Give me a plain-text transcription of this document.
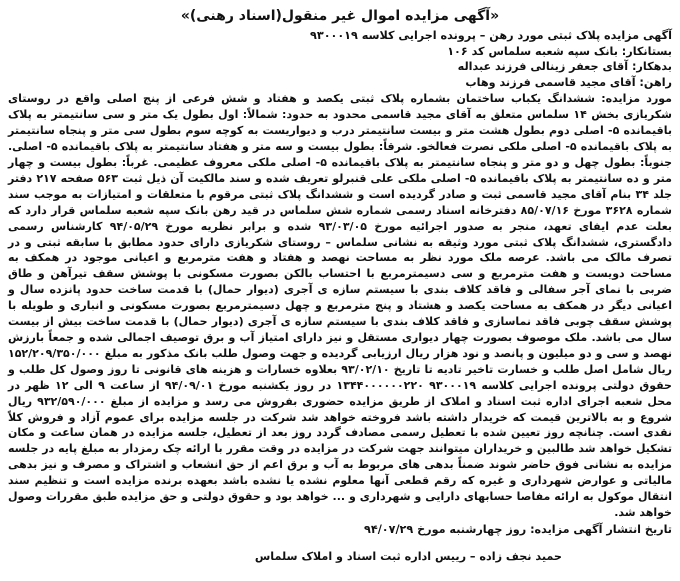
«آگهی مزایده اموال غیر منقول(اسناد رهنی)»
آگهی مزایده پلاک ثبتی مورد رهن – پرونده اجرایی کلاسه ۹۳۰۰۰۱۹
بستانکار: بانک سپه شعبه سلماس کد ۱۰۶
بدهکار: آقای جعفر زینالی فرزند عبداله
راهن: آقای مجید قاسمی فرزند وهاب
مورد مزایده: ششدانگ یکباب ساختمان بشماره پلاک ثبتی یکصد و هفتاد و شش فرعی از پنج اصلی واقع در روستای شکریازی بخش ۱۴ سلماس متعلق به آقای مجید قاسمی محدود به حدود: شمالاً: اول بطول یک متر و سی سانتیمتر به پلاک باقیمانده ۵- اصلی دوم بطول هشت متر و بیست سانتیمتر درب و دیواریست به کوچه سوم بطول سی متر و پنجاه سانتیمتر به پلاک باقیمانده ۵- اصلی ملکی نصرت فعالخو. شرقاً: بطول بیست و سه متر و هفتاد سانتیمتر به پلاک باقیمانده ۵- اصلی. جنوباً: بطول چهل و دو متر و پنجاه سانتیمتر به پلاک باقیمانده ۵- اصلی ملکی معروف عظیمی. غرباً: بطول بیست و چهار متر و ده سانتیمتر به پلاک باقیمانده ۵- اصلی ملکی علی قنبرلو تعریف شده و سند مالکیت آن ذیل ثبت ۵۶۳ صفحه ۲۱۷ دفتر جلد ۳۴ بنام آقای مجید قاسمی ثبت و صادر گردیده است و ششدانگ پلاک ثبتی مرقوم با متعلقات و امتیازات به موجب سند شماره ۳۶۲۸ مورخ ۸۵/۰۷/۱۶ دفترخانه اسناد رسمی شماره شش سلماس در قید رهن بانک سپه شعبه سلماس قرار دارد که بعلت عدم ایفای تعهد، منجر به صدور اجرائیه مورخ ۹۳/۰۳/۰۵ شده و برابر نظریه مورخ ۹۴/۰۵/۲۹ کارشناس رسمی دادگستری، ششدانگ پلاک ثبتی مورد وثیقه به نشانی سلماس – روستای شکریازی دارای حدود مطابق با سابقه ثبتی و در تصرف مالک می باشد. عرصه ملک مورد نظر به مساحت نهصد و هفتاد و هفت مترمربع و اعیانی موجود در همکف به مساحت دویست و هفت مترمربع و سی دسیمترمربع با احتساب بالکن بصورت مسکونی با پوشش سقف تیرآهن و طاق ضربی با نمای آجر سفالی و فاقد کلاف بندی با سیستم سازه ی آجری (دیوار حمال) با قدمت ساخت حدود پانزده سال و اعیانی دیگر در همکف به مساحت یکصد و هشتاد و پنج مترمربع و چهل دسیمترمربع بصورت مسکونی و انباری و طویله با پوشش سقف چوبی فاقد نماسازی و فاقد کلاف بندی با سیستم سازه ی آجری (دیوار حمال) با قدمت ساخت بیش از بیست سال می باشد. ملک موصوف بصورت چهار دیواری مستقل و نیز دارای امتیاز آب و برق توصیف اجمالی شده و جمعاً بارزش نهصد و سی و دو میلیون و پانصد و نود هزار ریال ارزیابی گردیده و جهت وصول طلب بانک مذکور به مبلغ ۱۵۲/۲۰۹/۳۵۰/۰۰۰ ریال شامل اصل طلب و خسارت تاخیر تادیه تا تاریخ ۹۳/۰۲/۱۰ بعلاوه خسارات و هزینه های قانونی تا روز وصول کل طلب و حقوق دولتی پرونده اجرایی کلاسه ۹۳۰۰۰۱۹ ۱۳۴۴۰۰۰۰۰۰۲۲۰ در روز یکشنبه مورخ ۹۴/۰۹/۰۱ از ساعت ۹ الی ۱۲ ظهر در محل شعبه اجرای اداره ثبت اسناد و املاک از طریق مزایده حضوری بفروش می رسد و مزایده از مبلغ ۹۳۲/۵۹۰/۰۰۰ ریال شروع و به بالاترین قیمت که خریدار داشته باشد فروخته خواهد شد شرکت در جلسه مزایده برای عموم آزاد و فروش کلاً نقدی است. چنانچه روز تعیین شده با تعطیل رسمی مصادف گردد روز بعد از تعطیل، جلسه مزایده در همان ساعت و مکان تشکیل خواهد شد طالبین و خریداران میتوانند جهت شرکت در مزایده در وقت مقرر با ارائه چک رمزدار به مبلغ پایه در جلسه مزایده به نشانی فوق حاضر شوند ضمناً بدهی های مربوط به آب و برق اعم از حق انشعاب و اشتراک و مصرف و نیز بدهی مالیاتی و عوارض شهرداری و غیره که رقم قطعی آنها معلوم نشده یا نشده باشد بعهده برنده مزایده است و تنظیم سند انتقال موکول به ارائه مفاصا حسابهای دارایی و شهرداری و ... خواهد بود و حقوق دولتی و حق مزایده طبق مقررات وصول خواهد شد.
تاریخ انتشار آگهی مزایده: روز چهارشنبه مورخ ۹۴/۰۷/۲۹
حمید نجف زاده – رییس اداره ثبت اسناد و املاک سلماس
